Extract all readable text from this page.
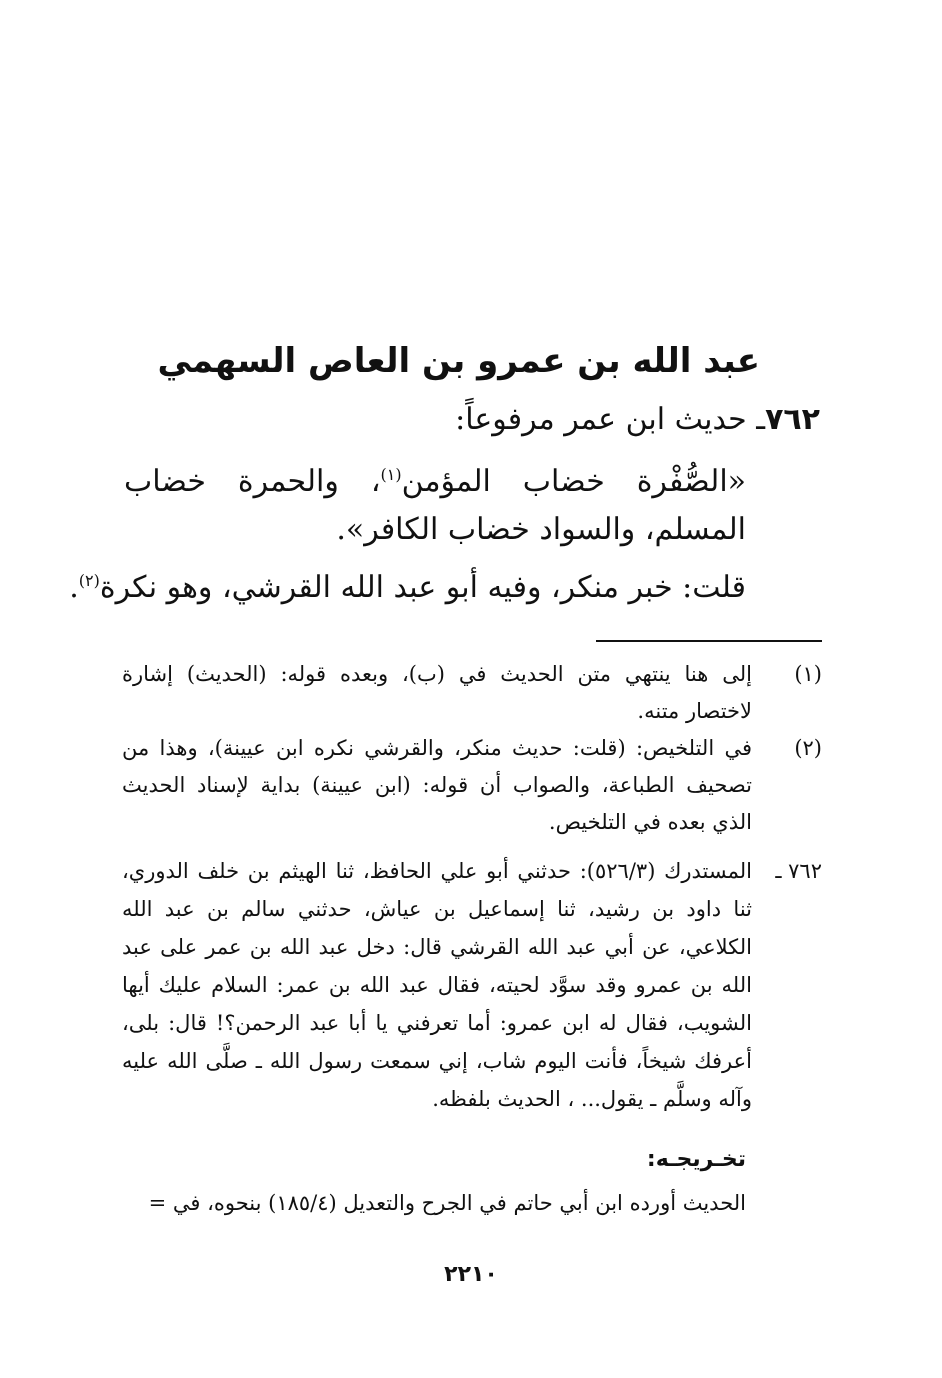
عبد الله بن عمرو بن العاص السهمي
٧٦٢ـ حديث ابن عمر مرفوعاً:
«الصُّفْرة خضاب المؤمن$^{(١)}$، والحمرة خضاب المسلم، والسواد خضاب الكافر».
قلت: خبر منكر، وفيه أبو عبد الله القرشي، وهو نكرة$^{(٢)}$.
(١)
إلى هنا ينتهي متن الحديث في (ب)، وبعده قوله: (الحديث) إشارة لاختصار متنه.
(٢)
في التلخيص: (قلت: حديث منكر، والقرشي نكره ابن عيينة)، وهذا من تصحيف الطباعة، والصواب أن قوله: (ابن عيينة) بداية لإسناد الحديث الذي بعده في التلخيص.
٧٦٢ ـ
المستدرك (٥٢٦/٣): حدثني أبو علي الحافظ، ثنا الهيثم بن خلف الدوري، ثنا داود بن رشيد، ثنا إسماعيل بن عياش، حدثني سالم بن عبد الله الكلاعي، عن أبي عبد الله القرشي قال: دخل عبد الله بن عمر على عبد الله بن عمرو وقد سوَّد لحيته، فقال عبد الله بن عمر: السلام عليك أيها الشويب، فقال له ابن عمرو: أما تعرفني يا أبا عبد الرحمن؟! قال: بلى، أعرفك شيخاً، فأنت اليوم شاب، إني سمعت رسول الله ـ صلَّى الله عليه وآله وسلَّم ـ يقول... ، الحديث بلفظه.
تخـريجـه:
الحديث أورده ابن أبي حاتم في الجرح والتعديل (١٨٥/٤) بنحوه، في =
٢٢١٠
